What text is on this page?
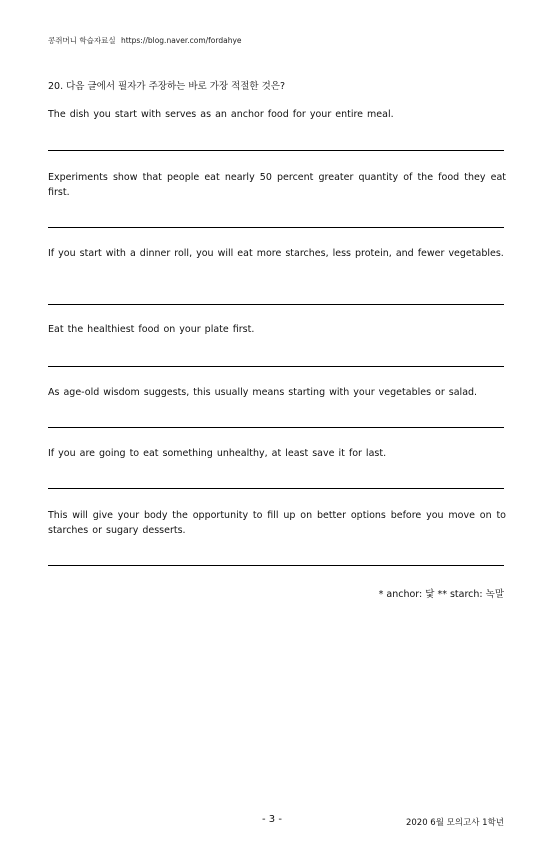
콩쥐머니 학습자료실 https://blog.naver.com/fordahye
20. 다음 글에서 필자가 주장하는 바로 가장 적절한 것은?
The dish you start with serves as an anchor food for your entire meal.
Experiments show that people eat nearly 50 percent greater quantity of the food they eat first.
If you start with a dinner roll, you will eat more starches, less protein, and fewer vegetables.
Eat the healthiest food on your plate first.
As age-old wisdom suggests, this usually means starting with your vegetables or salad.
If you are going to eat something unhealthy, at least save it for last.
This will give your body the opportunity to fill up on better options before you move on to starches or sugary desserts.
* anchor: 닻 ** starch: 녹말
- 3 -	2020 6월 모의고사 1학년
